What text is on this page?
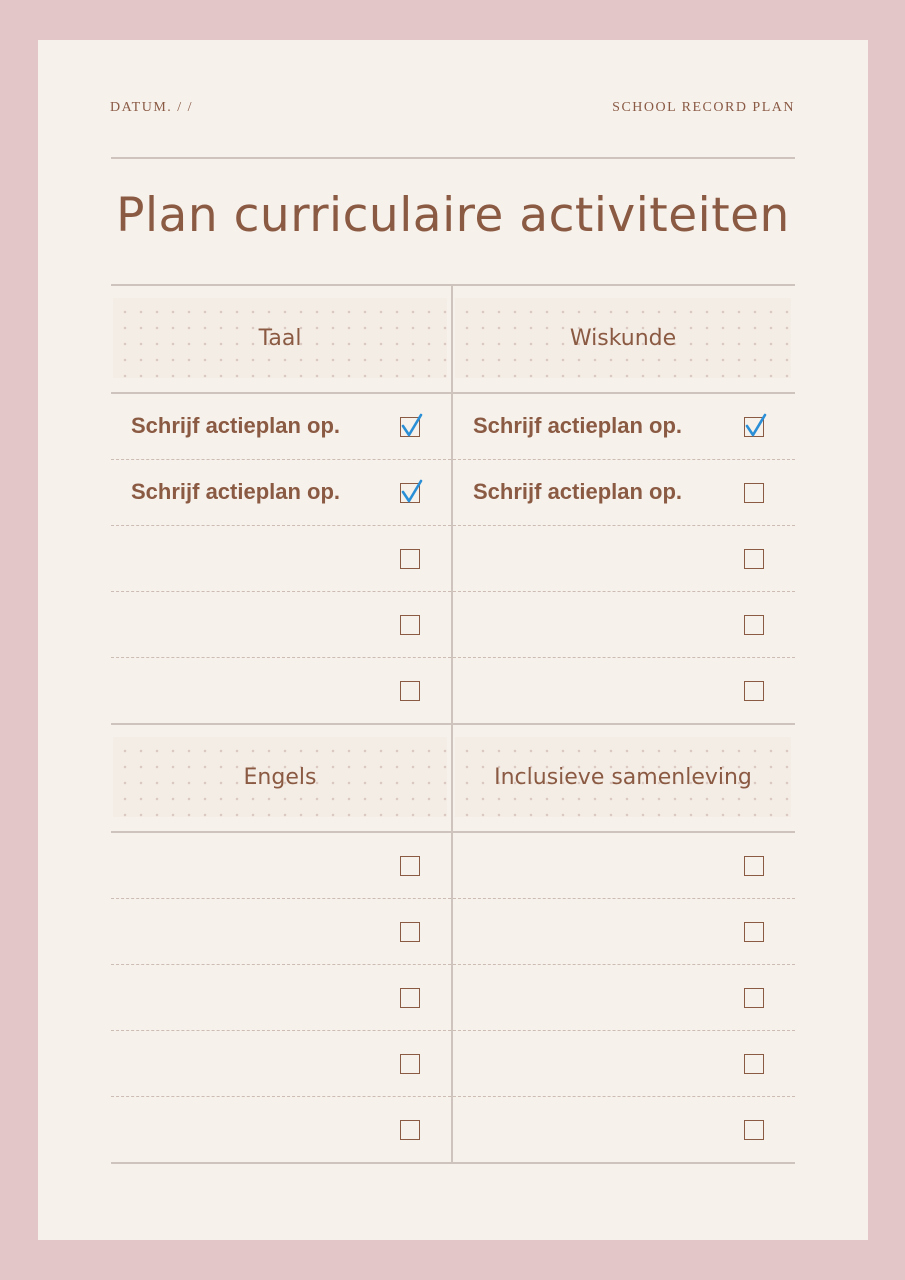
DATUM. / /	SCHOOL RECORD PLAN
Plan curriculaire activiteiten
Taal
Schrijf actieplan op.
Schrijf actieplan op.
Wiskunde
Schrijf actieplan op.
Schrijf actieplan op.
Engels	Inclusieve samenleving
